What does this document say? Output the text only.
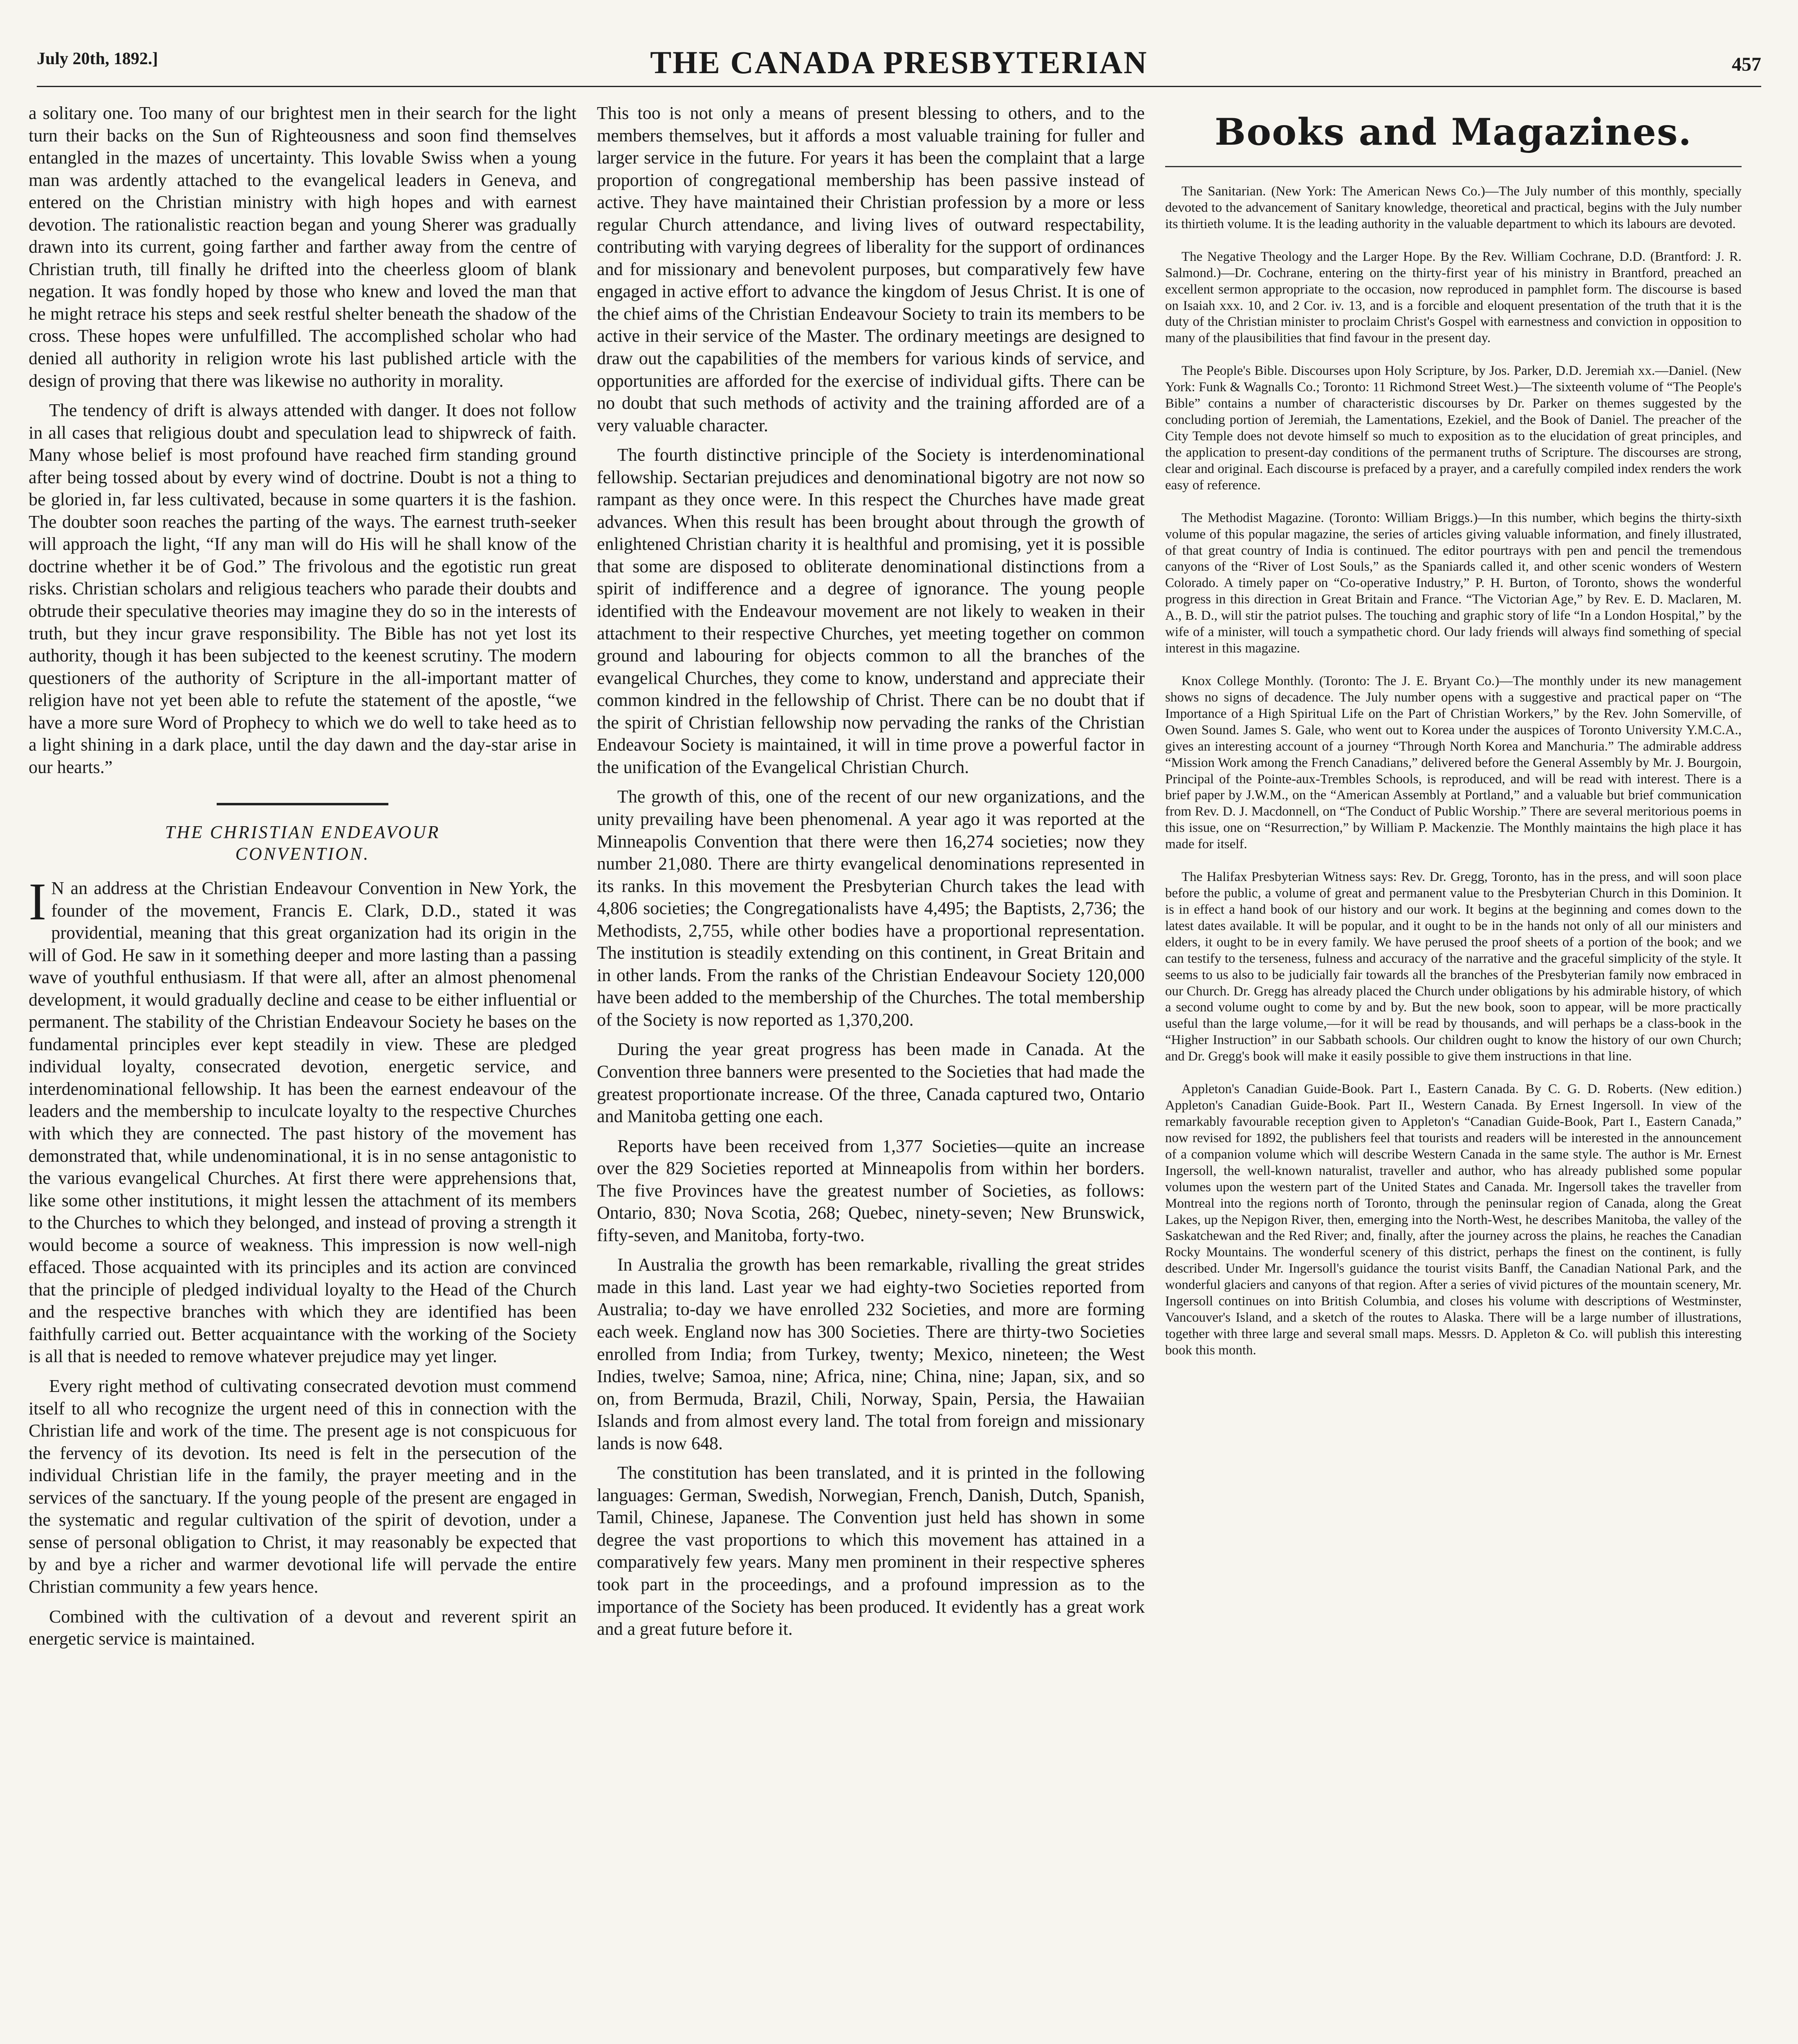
July 20th, 1892.]	THE CANADA PRESBYTERIAN	457

a solitary one. Too many of our brightest men in their search for the light turn their backs on the Sun of Righteousness and soon find themselves entangled in the mazes of uncertainty. This lovable Swiss when a young man was ardently attached to the evangelical leaders in Geneva, and entered on the Christian ministry with high hopes and with earnest devotion. The rationalistic reaction began and young Sherer was gradually drawn into its current, going farther and farther away from the centre of Christian truth, till finally he drifted into the cheerless gloom of blank negation. It was fondly hoped by those who knew and loved the man that he might retrace his steps and seek restful shelter beneath the shadow of the cross. These hopes were unfulfilled. The accomplished scholar who had denied all authority in religion wrote his last published article with the design of proving that there was likewise no authority in morality.

The tendency of drift is always attended with danger. It does not follow in all cases that religious doubt and speculation lead to shipwreck of faith. Many whose belief is most profound have reached firm standing ground after being tossed about by every wind of doctrine. Doubt is not a thing to be gloried in, far less cultivated, because in some quarters it is the fashion. The doubter soon reaches the parting of the ways. The earnest truth-seeker will approach the light, “If any man will do His will he shall know of the doctrine whether it be of God.” The frivolous and the egotistic run great risks. Christian scholars and religious teachers who parade their doubts and obtrude their speculative theories may imagine they do so in the interests of truth, but they incur grave responsibility. The Bible has not yet lost its authority, though it has been subjected to the keenest scrutiny. The modern questioners of the authority of Scripture in the all-important matter of religion have not yet been able to refute the statement of the apostle, “we have a more sure Word of Prophecy to which we do well to take heed as to a light shining in a dark place, until the day dawn and the day-star arise in our hearts.”

THE CHRISTIAN ENDEAVOUR
CONVENTION.

I N an address at the Christian Endeavour Convention in New York, the founder of the movement, Francis E. Clark, D.D., stated it was providential, meaning that this great organization had its origin in the will of God. He saw in it something deeper and more lasting than a passing wave of youthful enthusiasm. If that were all, after an almost phenomenal development, it would gradually decline and cease to be either influential or permanent. The stability of the Christian Endeavour Society he bases on the fundamental principles ever kept steadily in view. These are pledged individual loyalty, consecrated devotion, energetic service, and interdenominational fellowship. It has been the earnest endeavour of the leaders and the membership to inculcate loyalty to the respective Churches with which they are connected. The past history of the movement has demonstrated that, while undenominational, it is in no sense antagonistic to the various evangelical Churches. At first there were apprehensions that, like some other institutions, it might lessen the attachment of its members to the Churches to which they belonged, and instead of proving a strength it would become a source of weakness. This impression is now well-nigh effaced. Those acquainted with its principles and its action are convinced that the principle of pledged individual loyalty to the Head of the Church and the respective branches with which they are identified has been faithfully carried out. Better acquaintance with the working of the Society is all that is needed to remove whatever prejudice may yet linger.

Every right method of cultivating consecrated devotion must commend itself to all who recognize the urgent need of this in connection with the Christian life and work of the time. The present age is not conspicuous for the fervency of its devotion. Its need is felt in the persecution of the individual Christian life in the family, the prayer meeting and in the services of the sanctuary. If the young people of the present are engaged in the systematic and regular cultivation of the spirit of devotion, under a sense of personal obligation to Christ, it may reasonably be expected that by and bye a richer and warmer devotional life will pervade the entire Christian community a few years hence.

Combined with the cultivation of a devout and reverent spirit an energetic service is maintained.

This too is not only a means of present blessing to others, and to the members themselves, but it affords a most valuable training for fuller and larger service in the future. For years it has been the complaint that a large proportion of congregational membership has been passive instead of active. They have maintained their Christian profession by a more or less regular Church attendance, and living lives of outward respectability, contributing with varying degrees of liberality for the support of ordinances and for missionary and benevolent purposes, but comparatively few have engaged in active effort to advance the kingdom of Jesus Christ. It is one of the chief aims of the Christian Endeavour Society to train its members to be active in their service of the Master. The ordinary meetings are designed to draw out the capabilities of the members for various kinds of service, and opportunities are afforded for the exercise of individual gifts. There can be no doubt that such methods of activity and the training afforded are of a very valuable character.

The fourth distinctive principle of the Society is interdenominational fellowship. Sectarian prejudices and denominational bigotry are not now so rampant as they once were. In this respect the Churches have made great advances. When this result has been brought about through the growth of enlightened Christian charity it is healthful and promising, yet it is possible that some are disposed to obliterate denominational distinctions from a spirit of indifference and a degree of ignorance. The young people identified with the Endeavour movement are not likely to weaken in their attachment to their respective Churches, yet meeting together on common ground and labouring for objects common to all the branches of the evangelical Churches, they come to know, understand and appreciate their common kindred in the fellowship of Christ. There can be no doubt that if the spirit of Christian fellowship now pervading the ranks of the Christian Endeavour Society is maintained, it will in time prove a powerful factor in the unification of the Evangelical Christian Church.

The growth of this, one of the recent of our new organizations, and the unity prevailing have been phenomenal. A year ago it was reported at the Minneapolis Convention that there were then 16,274 societies; now they number 21,080. There are thirty evangelical denominations represented in its ranks. In this movement the Presbyterian Church takes the lead with 4,806 societies; the Congregationalists have 4,495; the Baptists, 2,736; the Methodists, 2,755, while other bodies have a proportional representation. The institution is steadily extending on this continent, in Great Britain and in other lands. From the ranks of the Christian Endeavour Society 120,000 have been added to the membership of the Churches. The total membership of the Society is now reported as 1,370,200.

During the year great progress has been made in Canada. At the Convention three banners were presented to the Societies that had made the greatest proportionate increase. Of the three, Canada captured two, Ontario and Manitoba getting one each.

Reports have been received from 1,377 Societies—quite an increase over the 829 Societies reported at Minneapolis from within her borders. The five Provinces have the greatest number of Societies, as follows: Ontario, 830; Nova Scotia, 268; Quebec, ninety-seven; New Brunswick, fifty-seven, and Manitoba, forty-two.

In Australia the growth has been remarkable, rivalling the great strides made in this land. Last year we had eighty-two Societies reported from Australia; to-day we have enrolled 232 Societies, and more are forming each week. England now has 300 Societies. There are thirty-two Societies enrolled from India; from Turkey, twenty; Mexico, nineteen; the West Indies, twelve; Samoa, nine; Africa, nine; China, nine; Japan, six, and so on, from Bermuda, Brazil, Chili, Norway, Spain, Persia, the Hawaiian Islands and from almost every land. The total from foreign and missionary lands is now 648.

The constitution has been translated, and it is printed in the following languages: German, Swedish, Norwegian, French, Danish, Dutch, Spanish, Tamil, Chinese, Japanese. The Convention just held has shown in some degree the vast proportions to which this movement has attained in a comparatively few years. Many men prominent in their respective spheres took part in the proceedings, and a profound impression as to the importance of the Society has been produced. It evidently has a great work and a great future before it.

Books and Magazines.

The Sanitarian. (New York: The American News Co.)—The July number of this monthly, specially devoted to the advancement of Sanitary knowledge, theoretical and practical, begins with the July number its thirtieth volume. It is the leading authority in the valuable department to which its labours are devoted.

The Negative Theology and the Larger Hope. By the Rev. William Cochrane, D.D. (Brantford: J. R. Salmond.)—Dr. Cochrane, entering on the thirty-first year of his ministry in Brantford, preached an excellent sermon appropriate to the occasion, now reproduced in pamphlet form. The discourse is based on Isaiah xxx. 10, and 2 Cor. iv. 13, and is a forcible and eloquent presentation of the truth that it is the duty of the Christian minister to proclaim Christ's Gospel with earnestness and conviction in opposition to many of the plausibilities that find favour in the present day.

The People's Bible. Discourses upon Holy Scripture, by Jos. Parker, D.D. Jeremiah xx.—Daniel. (New York: Funk & Wagnalls Co.; Toronto: 11 Richmond Street West.)—The sixteenth volume of “The People's Bible” contains a number of characteristic discourses by Dr. Parker on themes suggested by the concluding portion of Jeremiah, the Lamentations, Ezekiel, and the Book of Daniel. The preacher of the City Temple does not devote himself so much to exposition as to the elucidation of great principles, and the application to present-day conditions of the permanent truths of Scripture. The discourses are strong, clear and original. Each discourse is prefaced by a prayer, and a carefully compiled index renders the work easy of reference.

The Methodist Magazine. (Toronto: William Briggs.)—In this number, which begins the thirty-sixth volume of this popular magazine, the series of articles giving valuable information, and finely illustrated, of that great country of India is continued. The editor pourtrays with pen and pencil the tremendous canyons of the “River of Lost Souls,” as the Spaniards called it, and other scenic wonders of Western Colorado. A timely paper on “Co-operative Industry,” P. H. Burton, of Toronto, shows the wonderful progress in this direction in Great Britain and France. “The Victorian Age,” by Rev. E. D. Maclaren, M. A., B. D., will stir the patriot pulses. The touching and graphic story of life “In a London Hospital,” by the wife of a minister, will touch a sympathetic chord. Our lady friends will always find something of special interest in this magazine.

Knox College Monthly. (Toronto: The J. E. Bryant Co.)—The monthly under its new management shows no signs of decadence. The July number opens with a suggestive and practical paper on “The Importance of a High Spiritual Life on the Part of Christian Workers,” by the Rev. John Somerville, of Owen Sound. James S. Gale, who went out to Korea under the auspices of Toronto University Y.M.C.A., gives an interesting account of a journey “Through North Korea and Manchuria.” The admirable address “Mission Work among the French Canadians,” delivered before the General Assembly by Mr. J. Bourgoin, Principal of the Pointe-aux-Trembles Schools, is reproduced, and will be read with interest. There is a brief paper by J.W.M., on the “American Assembly at Portland,” and a valuable but brief communication from Rev. D. J. Macdonnell, on “The Conduct of Public Worship.” There are several meritorious poems in this issue, one on “Resurrection,” by William P. Mackenzie. The Monthly maintains the high place it has made for itself.

The Halifax Presbyterian Witness says: Rev. Dr. Gregg, Toronto, has in the press, and will soon place before the public, a volume of great and permanent value to the Presbyterian Church in this Dominion. It is in effect a hand book of our history and our work. It begins at the beginning and comes down to the latest dates available. It will be popular, and it ought to be in the hands not only of all our ministers and elders, it ought to be in every family. We have perused the proof sheets of a portion of the book; and we can testify to the terseness, fulness and accuracy of the narrative and the graceful simplicity of the style. It seems to us also to be judicially fair towards all the branches of the Presbyterian family now embraced in our Church. Dr. Gregg has already placed the Church under obligations by his admirable history, of which a second volume ought to come by and by. But the new book, soon to appear, will be more practically useful than the large volume,—for it will be read by thousands, and will perhaps be a class-book in the “Higher Instruction” in our Sabbath schools. Our children ought to know the history of our own Church; and Dr. Gregg's book will make it easily possible to give them instructions in that line.

Appleton's Canadian Guide-Book. Part I., Eastern Canada. By C. G. D. Roberts. (New edition.) Appleton's Canadian Guide-Book. Part II., Western Canada. By Ernest Ingersoll. In view of the remarkably favourable reception given to Appleton's “Canadian Guide-Book, Part I., Eastern Canada,” now revised for 1892, the publishers feel that tourists and readers will be interested in the announcement of a companion volume which will describe Western Canada in the same style. The author is Mr. Ernest Ingersoll, the well-known naturalist, traveller and author, who has already published some popular volumes upon the western part of the United States and Canada. Mr. Ingersoll takes the traveller from Montreal into the regions north of Toronto, through the peninsular region of Canada, along the Great Lakes, up the Nepigon River, then, emerging into the North-West, he describes Manitoba, the valley of the Saskatchewan and the Red River; and, finally, after the journey across the plains, he reaches the Canadian Rocky Mountains. The wonderful scenery of this district, perhaps the finest on the continent, is fully described. Under Mr. Ingersoll's guidance the tourist visits Banff, the Canadian National Park, and the wonderful glaciers and canyons of that region. After a series of vivid pictures of the mountain scenery, Mr. Ingersoll continues on into British Columbia, and closes his volume with descriptions of Westminster, Vancouver's Island, and a sketch of the routes to Alaska. There will be a large number of illustrations, together with three large and several small maps. Messrs. D. Appleton & Co. will publish this interesting book this month.
